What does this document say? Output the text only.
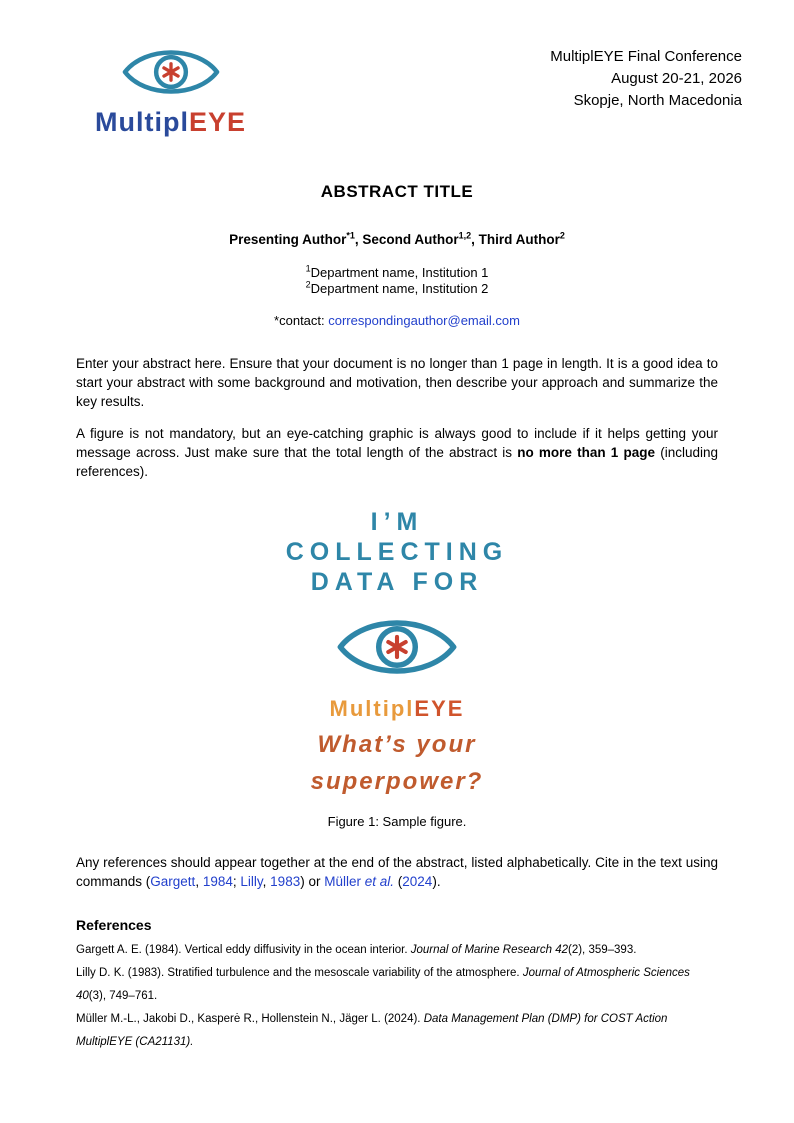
MultiplEYE
MultiplEYE Final Conference
August 20-21, 2026
Skopje, North Macedonia
ABSTRACT TITLE
Presenting Author$^{*1}$, Second Author$^{1,2}$, Third Author$^2$
$^1$Department name, Institution 1
$^2$Department name, Institution 2
*contact: correspondingauthor@email.com

Enter your abstract here. Ensure that your document is no longer than 1 page in length. It is a good idea to start your abstract with some background and motivation, then describe your approach and summarize the key results.

A figure is not mandatory, but an eye-catching graphic is always good to include if it helps getting your message across. Just make sure that the total length of the abstract is no more than 1 page (including references).

I’M
COLLECTING
DATA FOR
MultiplEYE
What’s your
superpower?
Figure 1: Sample figure.

Any references should appear together at the end of the abstract, listed alphabetically. Cite in the text using commands (Gargett, 1984; Lilly, 1983) or Müller et al. (2024).

References
Gargett A. E. (1984). Vertical eddy diffusivity in the ocean interior. Journal of Marine Research 42(2), 359–393.
Lilly D. K. (1983). Stratified turbulence and the mesoscale variability of the atmosphere. Journal of Atmospheric Sciences 40(3), 749–761.
Müller M.-L., Jakobi D., Kasperė R., Hollenstein N., Jäger L. (2024). Data Management Plan (DMP) for COST Action MultiplEYE (CA21131).
